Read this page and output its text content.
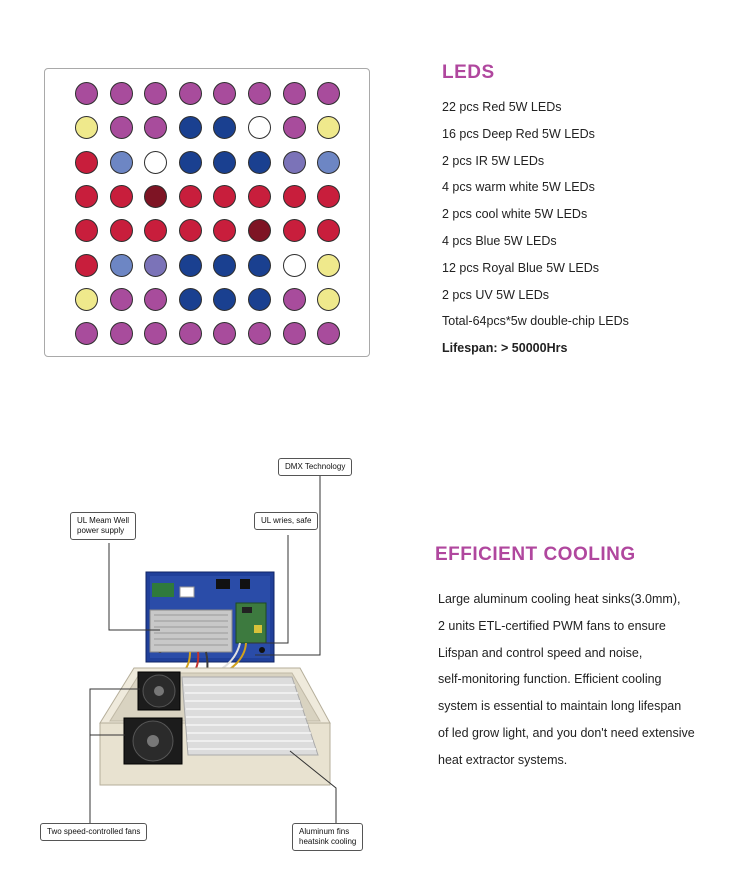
LEDS
22 pcs Red 5W LEDs
16 pcs Deep Red 5W LEDs
2 pcs IR 5W LEDs
4 pcs warm white 5W LEDs
2 pcs cool white 5W LEDs
4 pcs Blue 5W LEDs
12 pcs Royal Blue 5W LEDs
2 pcs UV 5W LEDs
Total-64pcs*5w double-chip LEDs
Lifespan: > 50000Hrs
DMX Technology
UL Meam Well
power supply
UL wries, safe
Two speed-controlled fans	Aluminum fins
heatsink cooling
EFFICIENT COOLING
Large aluminum cooling heat sinks(3.0mm),
2 units ETL-certified PWM fans to ensure
Lifspan and control speed and noise,
self-monitoring function. Efficient cooling
system is essential to maintain long lifespan
of led grow light, and you don't need extensive
heat extractor systems.
